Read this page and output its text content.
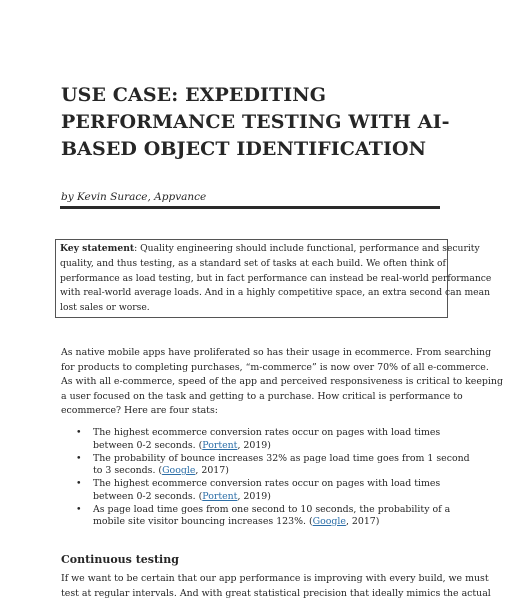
USE CASE: EXPEDITING
PERFORMANCE TESTING WITH AI-
BASED OBJECT IDENTIFICATION
by Kevin Surace, Appvance
Key statement: Quality engineering should include functional, performance and security
quality, and thus testing, as a standard set of tasks at each build. We often think of
performance as load testing, but in fact performance can instead be real-world performance
with real-world average loads. And in a highly competitive space, an extra second can mean
lost sales or worse.
As native mobile apps have proliferated so has their usage in ecommerce. From searching
for products to completing purchases, “m-commerce” is now over 70% of all e-commerce.
As with all e-commerce, speed of the app and perceived responsiveness is critical to keeping
a user focused on the task and getting to a purchase. How critical is performance to
ecommerce? Here are four stats:
• The highest ecommerce conversion rates occur on pages with load times
between 0-2 seconds. (Portent, 2019)
• The probability of bounce increases 32% as page load time goes from 1 second
to 3 seconds. (Google, 2017)
• The highest ecommerce conversion rates occur on pages with load times
between 0-2 seconds. (Portent, 2019)
• As page load time goes from one second to 10 seconds, the probability of a
mobile site visitor bouncing increases 123%. (Google, 2017)
Continuous testing
If we want to be certain that our app performance is improving with every build, we must
test at regular intervals. And with great statistical precision that ideally mimics the actual
